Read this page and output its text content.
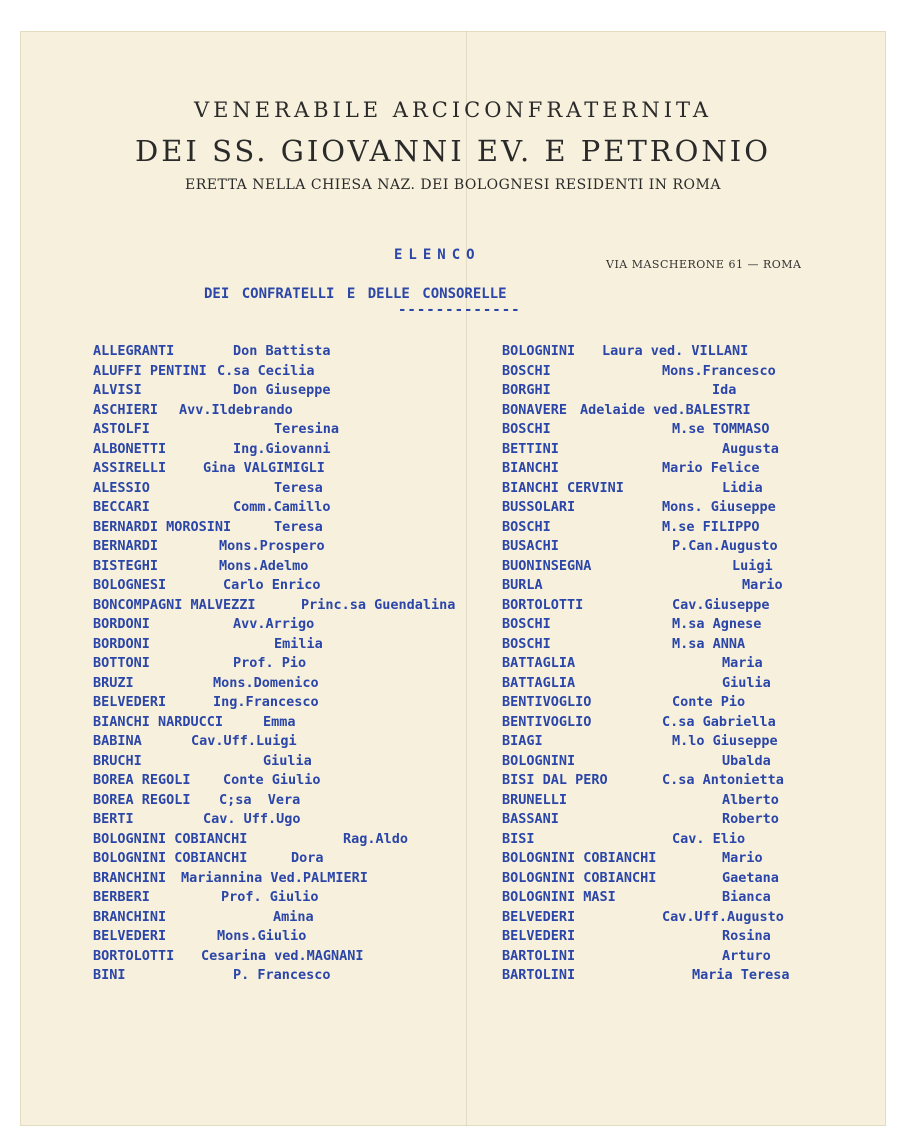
VENERABILE ARCICONFRATERNITA
DEI SS. GIOVANNI EV. E PETRONIO
ERETTA NELLA CHIESA NAZ. DEI BOLOGNESI RESIDENTI IN ROMA
VIA MASCHERONE 61 — ROMA
ELENCO
DEI CONFRATELLI E DELLE CONSORELLE
-------------
ALLEGRANTI	Don Battista
ALUFFI PENTINI C.sa Cecilia
ALVISI	Don Giuseppe
ASCHIERI Avv.Ildebrando
ASTOLFI	Teresina
ALBONETTI	Ing.Giovanni
ASSIRELLI	Gina VALGIMIGLI
ALESSIO	Teresa
BECCARI	Comm.Camillo
BERNARDI MOROSINI	Teresa
BERNARDI	Mons.Prospero
BISTEGHI	Mons.Adelmo
BOLOGNESI	Carlo Enrico
BONCOMPAGNI MALVEZZI	Princ.sa Guendalina
BORDONI	Avv.Arrigo
BORDONI	Emilia
BOTTONI	Prof. Pio
BRUZI	Mons.Domenico
BELVEDERI	Ing.Francesco
BIANCHI NARDUCCI	Emma
BABINA	Cav.Uff.Luigi
BRUCHI	Giulia
BOREA REGOLI Conte Giulio
BOREA REGOLI C;sa  Vera
BERTI	Cav. Uff.Ugo
BOLOGNINI COBIANCHI	Rag.Aldo
BOLOGNINI COBIANCHI	Dora
BRANCHINI Mariannina Ved.PALMIERI
BERBERI	Prof. Giulio
BRANCHINI	Amina
BELVEDERI	Mons.Giulio
BORTOLOTTI Cesarina ved.MAGNANI
BINI	P. Francesco
BOLOGNINI Laura ved. VILLANI
BOSCHI	Mons.Francesco
BORGHI	Ida
BONAVERE Adelaide ved.BALESTRI
BOSCHI	M.se TOMMASO
BETTINI	Augusta
BIANCHI	Mario Felice
BIANCHI CERVINI	Lidia
BUSSOLARI	Mons. Giuseppe
BOSCHI	M.se FILIPPO
BUSACHI	P.Can.Augusto
BUONINSEGNA	Luigi
BURLA	Mario
BORTOLOTTI	Cav.Giuseppe
BOSCHI	M.sa Agnese
BOSCHI	M.sa ANNA
BATTAGLIA	Maria
BATTAGLIA	Giulia
BENTIVOGLIO	Conte Pio
BENTIVOGLIO	C.sa Gabriella
BIAGI	M.lo Giuseppe
BOLOGNINI	Ubalda
BISI DAL PERO	C.sa Antonietta
BRUNELLI	Alberto
BASSANI	Roberto
BISI	Cav. Elio
BOLOGNINI COBIANCHI	Mario
BOLOGNINI COBIANCHI	Gaetana
BOLOGNINI MASI	Bianca
BELVEDERI	Cav.Uff.Augusto
BELVEDERI	Rosina
BARTOLINI	Arturo
BARTOLINI	Maria Teresa
